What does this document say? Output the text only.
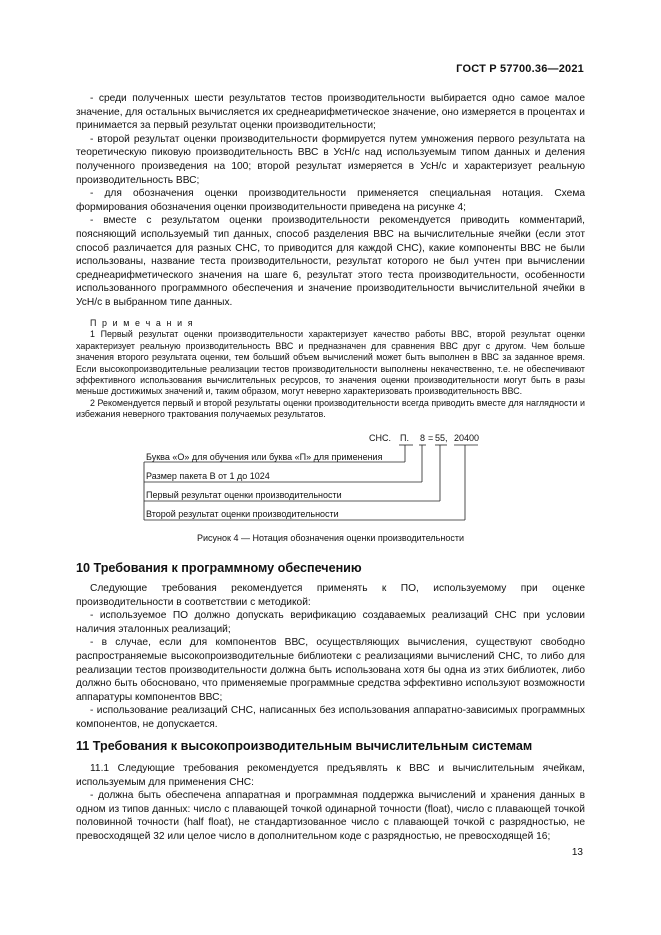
ГОСТ Р 57700.36—2021

- среди полученных шести результатов тестов производительности выбирается одно самое малое значение, для остальных вычисляется их среднеарифметическое значение, оно измеряется в процентах и принимается за первый результат оценки производительности;

- второй результат оценки производительности формируется путем умножения первого результата на теоретическую пиковую производительность ВВС в УсН/с над используемым типом данных и деления полученного произведения на 100; второй результат измеряется в УсН/с и характеризует реальную производительность ВВС;

- для обозначения оценки производительности применяется специальная нотация. Схема формирования обозначения оценки производительности приведена на рисунке 4;

- вместе с результатом оценки производительности рекомендуется приводить комментарий, поясняющий используемый тип данных, способ разделения ВВС на вычислительные ячейки (если этот способ различается для разных СНС, то приводится для каждой СНС), какие компоненты ВВС не были использованы, название теста производительности, результат которого не был учтен при вычислении среднеарифметического значения на шаге 6, результат этого теста производительности, особенности использованного программного обеспечения и значение производительности вычислительной ячейки в УсН/с в выбранном типе данных.

П р и м е ч а н и я

1 Первый результат оценки производительности характеризует качество работы ВВС, второй результат оценки характеризует реальную производительность ВВС и предназначен для сравнения ВВС друг с другом. Чем больше значения второго результата оценки, тем больший объем вычислений может быть выполнен в ВВС за заданное время. Если высокопроизводительные реализации тестов производительности выполнены некачественно, т.е. не обеспечивают эффективного использования вычислительных ресурсов, то значения оценки производительности могут быть в разы меньше достижимых значений и, таким образом, могут неверно характеризовать производительность ВВС.

2 Рекомендуется первый и второй результаты оценки производительности всегда приводить вместе для наглядности и избежания неверного трактования получаемых результатов.

СНС. П. 8 = 55, 20400
Буква «О» для обучения или буква «П» для применения
Размер пакета B от 1 до 1024
Первый результат оценки производительности
Второй результат оценки производительности
Рисунок 4 — Нотация обозначения оценки производительности
10 Требования к программному обеспечению

Следующие требования рекомендуется применять к ПО, используемому при оценке производительности в соответствии с методикой:

- используемое ПО должно допускать верификацию создаваемых реализаций СНС при условии наличия эталонных реализаций;

- в случае, если для компонентов ВВС, осуществляющих вычисления, существуют свободно распространяемые высокопроизводительные библиотеки с реализациями вычислений СНС, то либо для реализации тестов производительности должна быть использована хотя бы одна из этих библиотек, либо должно быть обосновано, что применяемые программные средства эффективно используют возможности аппаратуры компонентов ВВС;

- использование реализаций СНС, написанных без использования аппаратно-зависимых программных компонентов, не допускается.

11 Требования к высокопроизводительным вычислительным системам

11.1 Следующие требования рекомендуется предъявлять к ВВС и вычислительным ячейкам, используемым для применения СНС:

- должна быть обеспечена аппаратная и программная поддержка вычислений и хранения данных в одном из типов данных: число с плавающей точкой одинарной точности (float), число с плавающей точкой половинной точности (half float), не стандартизованное число с плавающей точкой с разрядностью, не превосходящей 32 или целое число в дополнительном коде с разрядностью, не превосходящей 16;

13
